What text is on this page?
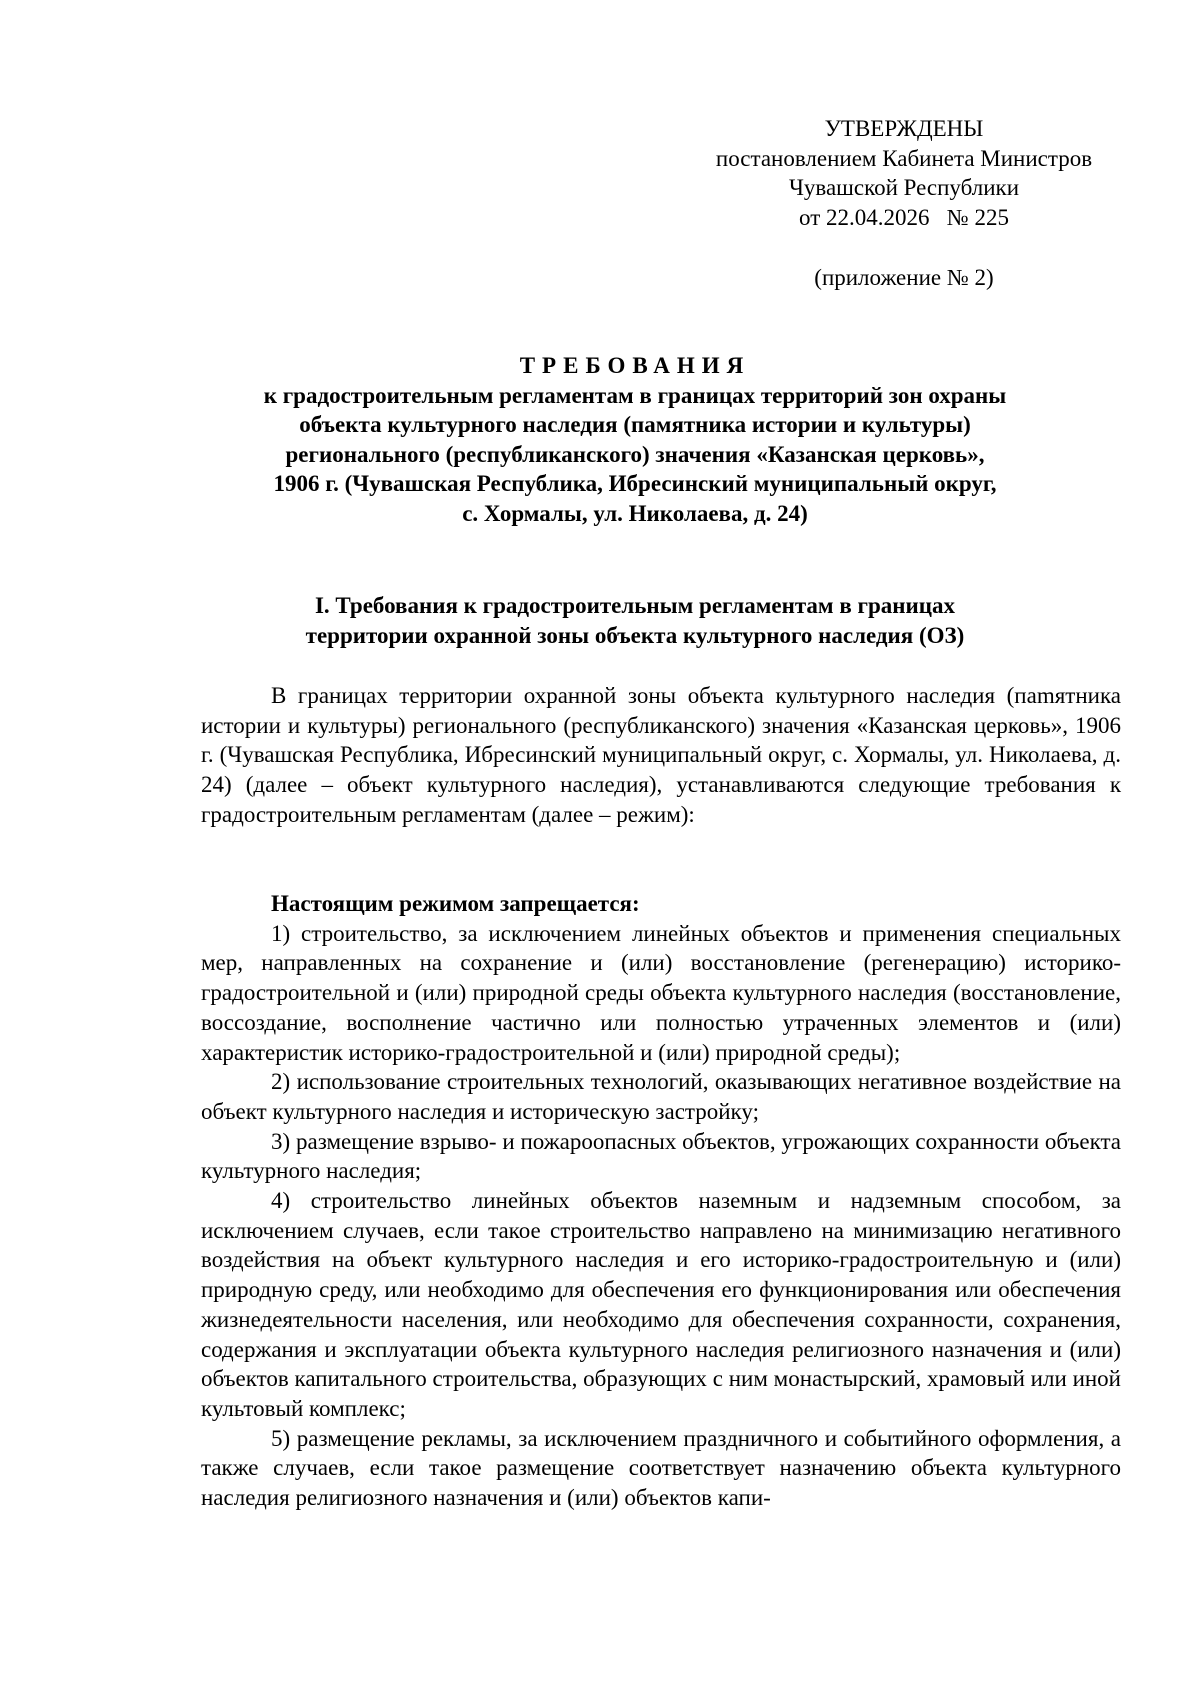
УТВЕРЖДЕНЫ
постановлением Кабинета Министров
Чувашской Республики
от 22.04.2026   № 225
(приложение № 2)
ТРЕБОВАНИЯ
к градостроительным регламентам в границах территорий зон охраны
объекта культурного наследия (памятника истории и культуры)
регионального (республиканского) значения «Казанская церковь»,
1906 г. (Чувашская Республика, Ибресинский муниципальный округ,
с. Хормалы, ул. Николаева, д. 24)
I. Требования к градостроительным регламентам в границах
территории охранной зоны объекта культурного наследия (ОЗ)

В границах территории охранной зоны объекта культурного наследия (паmятника истории и культуры) регионального (республиканского) значения «Казанская церковь», 1906 г. (Чувашская Республика, Ибресинский муниципальный округ, с. Хормалы, ул. Николаева, д. 24) (далее – объект культурного наследия), устанавливаются следующие требования к градостроительным регламентам (далее – режим):

Настоящим режимом запрещается:

1) строительство, за исключением линейных объектов и применения специальных мер, направленных на сохранение и (или) восстановление (регенерацию) историко-градостроительной и (или) природной среды объекта культурного наследия (восстановление, воссоздание, восполнение частично или полностью утраченных элементов и (или) характеристик историко-градостроительной и (или) природной среды);

2) использование строительных технологий, оказывающих негативное воздействие на объект культурного наследия и историческую застройку;

3) размещение взрыво- и пожароопасных объектов, угрожающих сохранности объекта культурного наследия;

4) строительство линейных объектов наземным и надземным способом, за исключением случаев, если такое строительство направлено на минимизацию негативного воздействия на объект культурного наследия и его историко-градостроительную и (или) природную среду, или необходимо для обеспечения его функционирования или обеспечения жизнедеятельности населения, или необходимо для обеспечения сохранности, сохранения, содержания и эксплуатации объекта культурного наследия религиозного назначения и (или) объектов капитального строительства, образующих с ним монастырский, храмовый или иной культовый комплекс;

5) размещение рекламы, за исключением праздничного и событийного оформления, а также случаев, если такое размещение соответствует назначению объекта культурного наследия религиозного назначения и (или) объектов капи-
